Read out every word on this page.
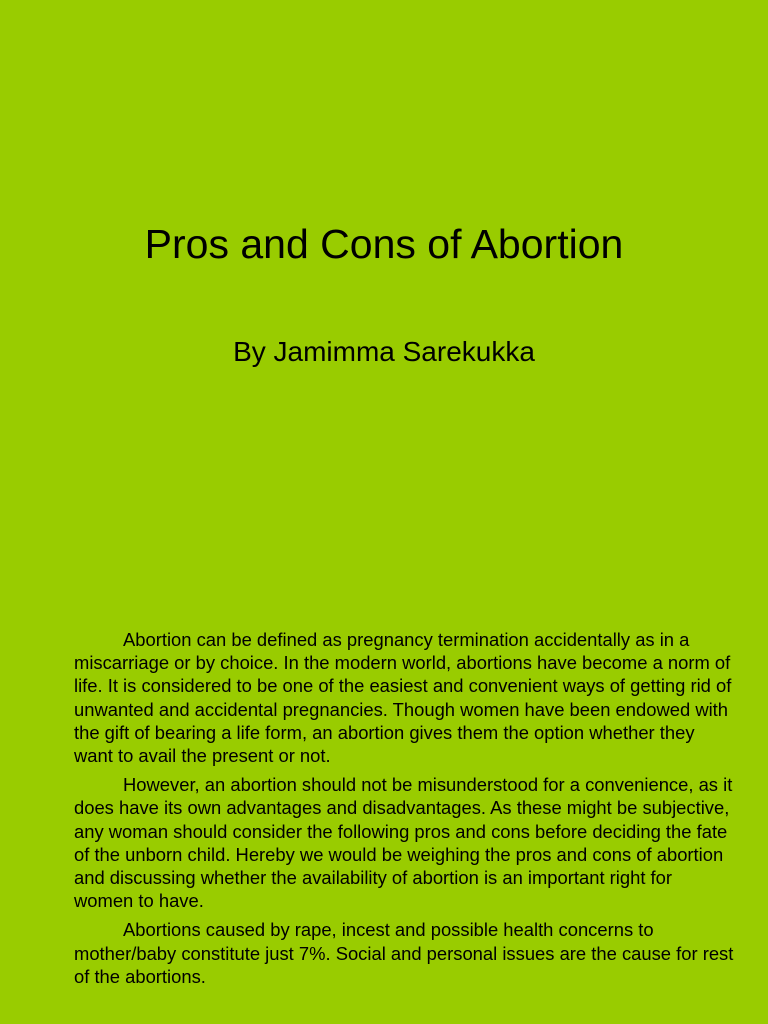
Pros and Cons of Abortion
By Jamimma Sarekukka

Abortion can be defined as pregnancy termination accidentally as in a miscarriage or by choice. In the modern world, abortions have become a norm of life. It is considered to be one of the easiest and convenient ways of getting rid of unwanted and accidental pregnancies. Though women have been endowed with the gift of bearing a life form, an abortion gives them the option whether they want to avail the present or not.

However, an abortion should not be misunderstood for a convenience, as it does have its own advantages and disadvantages. As these might be subjective, any woman should consider the following pros and cons before deciding the fate of the unborn child. Hereby we would be weighing the pros and cons of abortion and discussing whether the availability of abortion is an important right for women to have.

Abortions caused by rape, incest and possible health concerns to mother/baby constitute just 7%. Social and personal issues are the cause for rest of the abortions.
